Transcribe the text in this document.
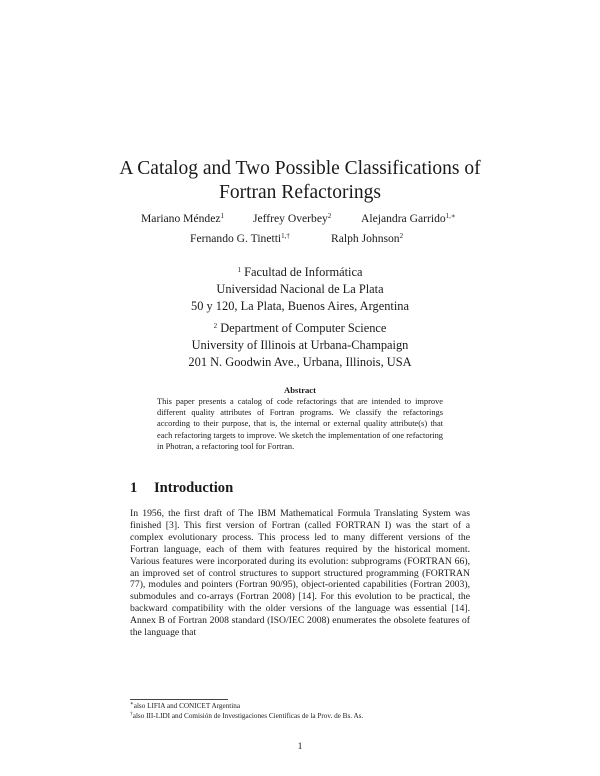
A Catalog and Two Possible Classifications of
Fortran Refactorings
Mariano Méndez$^1$ Jeffrey Overbey$^2$	Alejandra Garrido$^{1,∗}$
Fernando G. Tinetti$^{1,\dagger}$	Ralph Johnson$^2$
$^1$ Facultad de Informática
Universidad Nacional de La Plata
50 y 120, La Plata, Buenos Aires, Argentina
$^2$ Department of Computer Science
University of Illinois at Urbana-Champaign
201 N. Goodwin Ave., Urbana, Illinois, USA
Abstract
This paper presents a catalog of code refactorings that are intended to improve different quality attributes of Fortran programs. We classify the refactorings according to their purpose, that is, the internal or external quality attribute(s) that each refactoring targets to improve. We sketch the implementation of one refactoring in Photran, a refactoring tool for Fortran.
1 Introduction
In 1956, the first draft of The IBM Mathematical Formula Translating System was finished [3]. This first version of Fortran (called FORTRAN I) was the start of a complex evolutionary process. This process led to many different versions of the Fortran language, each of them with features required by the historical moment. Various features were incorporated during its evolution: subprograms (FORTRAN 66), an improved set of control structures to support structured programming (FORTRAN 77), modules and pointers (Fortran 90/95), object-oriented capabilities (Fortran 2003), submodules and co-arrays (Fortran 2008) [14]. For this evolution to be practical, the backward compatibility with the older versions of the language was essential [14]. Annex B of Fortran 2008 standard (ISO/IEC 2008) enumerates the obsolete features of the language that
∗also LIFIA and CONICET Argentina
†also III-LIDI and Comisión de Investigaciones Científicas de la Prov. de Bs. As.
1
